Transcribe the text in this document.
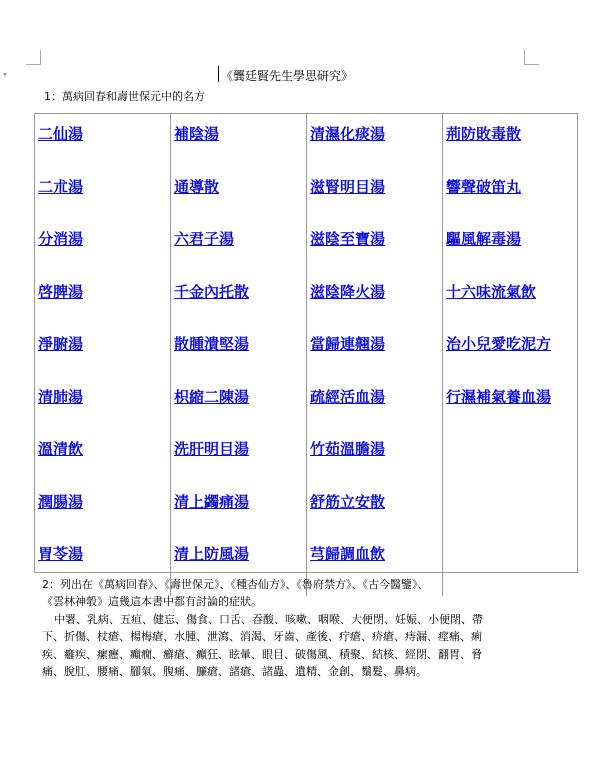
▾	《龔廷賢先生學思研究》
1：萬病回春和壽世保元中的名方
二仙湯
二朮湯
分消湯
啓脾湯
淨腑湯
清肺湯
溫清飲
潤腸湯
胃苓湯
補陰湯
通導散
六君子湯
千金內托散
散腫潰堅湯
枳縮二陳湯
洗肝明目湯
清上蠲痛湯
清上防風湯
清濕化痰湯
滋腎明目湯
滋陰至寶湯
滋陰降火湯
當歸連翹湯
疏經活血湯
竹茹溫膽湯
舒筋立安散
芎歸調血飲
荊防敗毒散
響聲破笛丸
驅風解毒湯
十六味流氣飲
治小兒愛吃泥方
行濕補氣養血湯

2：列出在《萬病回春》、《壽世保元》、《種杏仙方》、《魯府禁方》、《古今醫鑒》、

《雲林神彀》這幾這本書中都有討論的症狀。

中署、乳病、五疸、健忘、傷食、口舌、吞酸、咳嗽、咽喉、大便閉、妊娠、小便閉、帶

下、折傷、杖瘡、楊梅瘡、水腫、泄瀉、消渴、牙齒、產後、疔瘡、疥瘡、痔漏、痙痛、痢

疾、癰疾、瘰癧、癲癇、癬瘡、癲狂、眩暈、眼目、破傷風、積聚、結核、經閉、翻胃、脅

痛、脫肛、腰痛、腳氣、腹痛、臁瘡、諸瘡、諸蟲、遺精、金創、鬚髮、鼻病。
